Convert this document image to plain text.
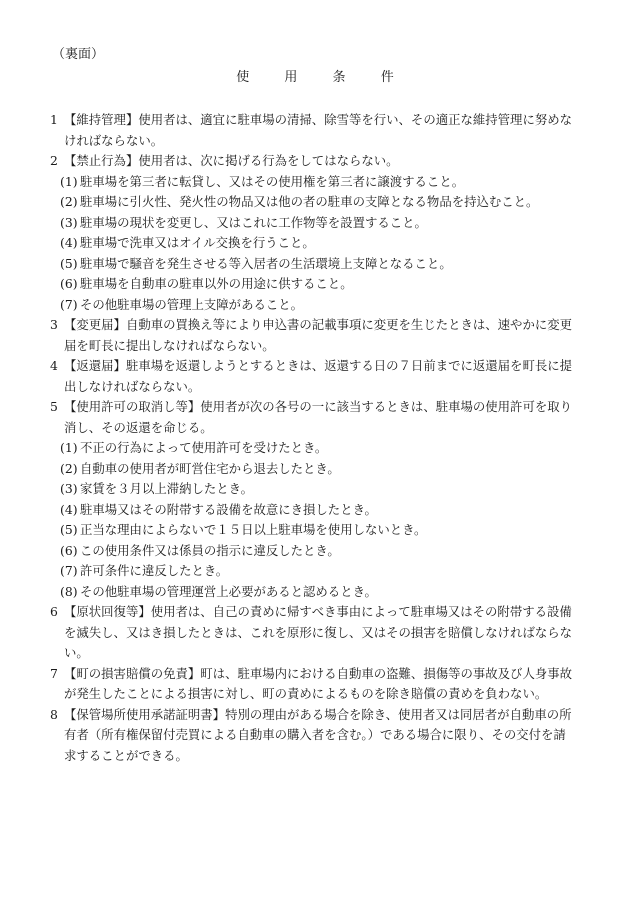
（裏面）
使 用 条 件
1 【維持管理】使用者は、適宜に駐車場の清掃、除雪等を行い、その適正な維持管理に努めなければならない。
2 【禁止行為】使用者は、次に掲げる行為をしてはならない。
(1) 駐車場を第三者に転貸し、又はその使用権を第三者に譲渡すること。
(2) 駐車場に引火性、発火性の物品又は他の者の駐車の支障となる物品を持込むこと。
(3) 駐車場の現状を変更し、又はこれに工作物等を設置すること。
(4) 駐車場で洗車又はオイル交換を行うこと。
(5) 駐車場で騒音を発生させる等入居者の生活環境上支障となること。
(6) 駐車場を自動車の駐車以外の用途に供すること。
(7) その他駐車場の管理上支障があること。
3 【変更届】自動車の買換え等により申込書の記載事項に変更を生じたときは、速やかに変更届を町長に提出しなければならない。
4 【返還届】駐車場を返還しようとするときは、返還する日の７日前までに返還届を町長に提出しなければならない。
5 【使用許可の取消し等】使用者が次の各号の一に該当するときは、駐車場の使用許可を取り消し、その返還を命じる。
(1) 不正の行為によって使用許可を受けたとき。
(2) 自動車の使用者が町営住宅から退去したとき。
(3) 家賃を３月以上滞納したとき。
(4) 駐車場又はその附帯する設備を故意にき損したとき。
(5) 正当な理由によらないで１５日以上駐車場を使用しないとき。
(6) この使用条件又は係員の指示に違反したとき。
(7) 許可条件に違反したとき。
(8) その他駐車場の管理運営上必要があると認めるとき。
6 【原状回復等】使用者は、自己の責めに帰すべき事由によって駐車場又はその附帯する設備を滅失し、又はき損したときは、これを原形に復し、又はその損害を賠償しなければならない。
7 【町の損害賠償の免責】町は、駐車場内における自動車の盗難、損傷等の事故及び人身事故が発生したことによる損害に対し、町の責めによるものを除き賠償の責めを負わない。
8 【保管場所使用承諾証明書】特別の理由がある場合を除き、使用者又は同居者が自動車の所有者（所有権保留付売買による自動車の購入者を含む。）である場合に限り、その交付を請求することができる。
